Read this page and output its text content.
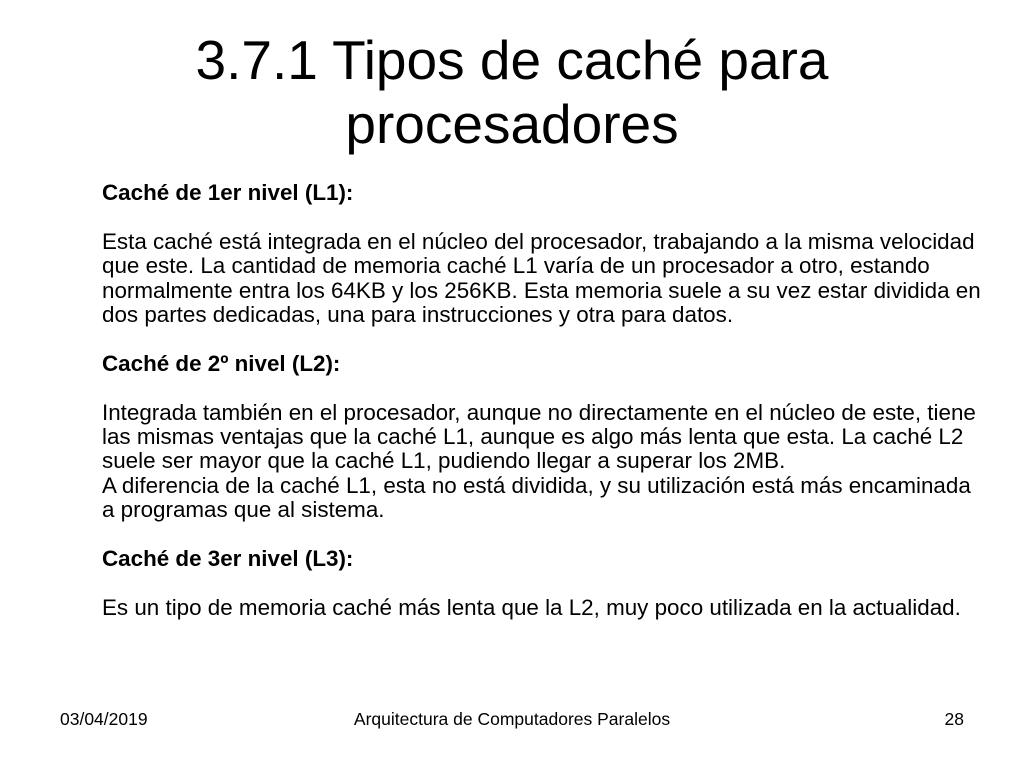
3.7.1 Tipos de caché para procesadores
Caché de 1er nivel (L1):

Esta caché está integrada en el núcleo del procesador, trabajando a la misma velocidad que este. La cantidad de memoria caché L1 varía de un procesador a otro, estando normalmente entra los 64KB y los 256KB. Esta memoria suele a su vez estar dividida en dos partes dedicadas, una para instrucciones y otra para datos.

Caché de 2º nivel (L2):

Integrada también en el procesador, aunque no directamente en el núcleo de este, tiene las mismas ventajas que la caché L1, aunque es algo más lenta que esta. La caché L2 suele ser mayor que la caché L1, pudiendo llegar a superar los 2MB.

A diferencia de la caché L1, esta no está dividida, y su utilización está más encaminada a programas que al sistema.

Caché de 3er nivel (L3):

Es un tipo de memoria caché más lenta que la L2, muy poco utilizada en la actualidad.

03/04/2019	Arquitectura de Computadores Paralelos	28
